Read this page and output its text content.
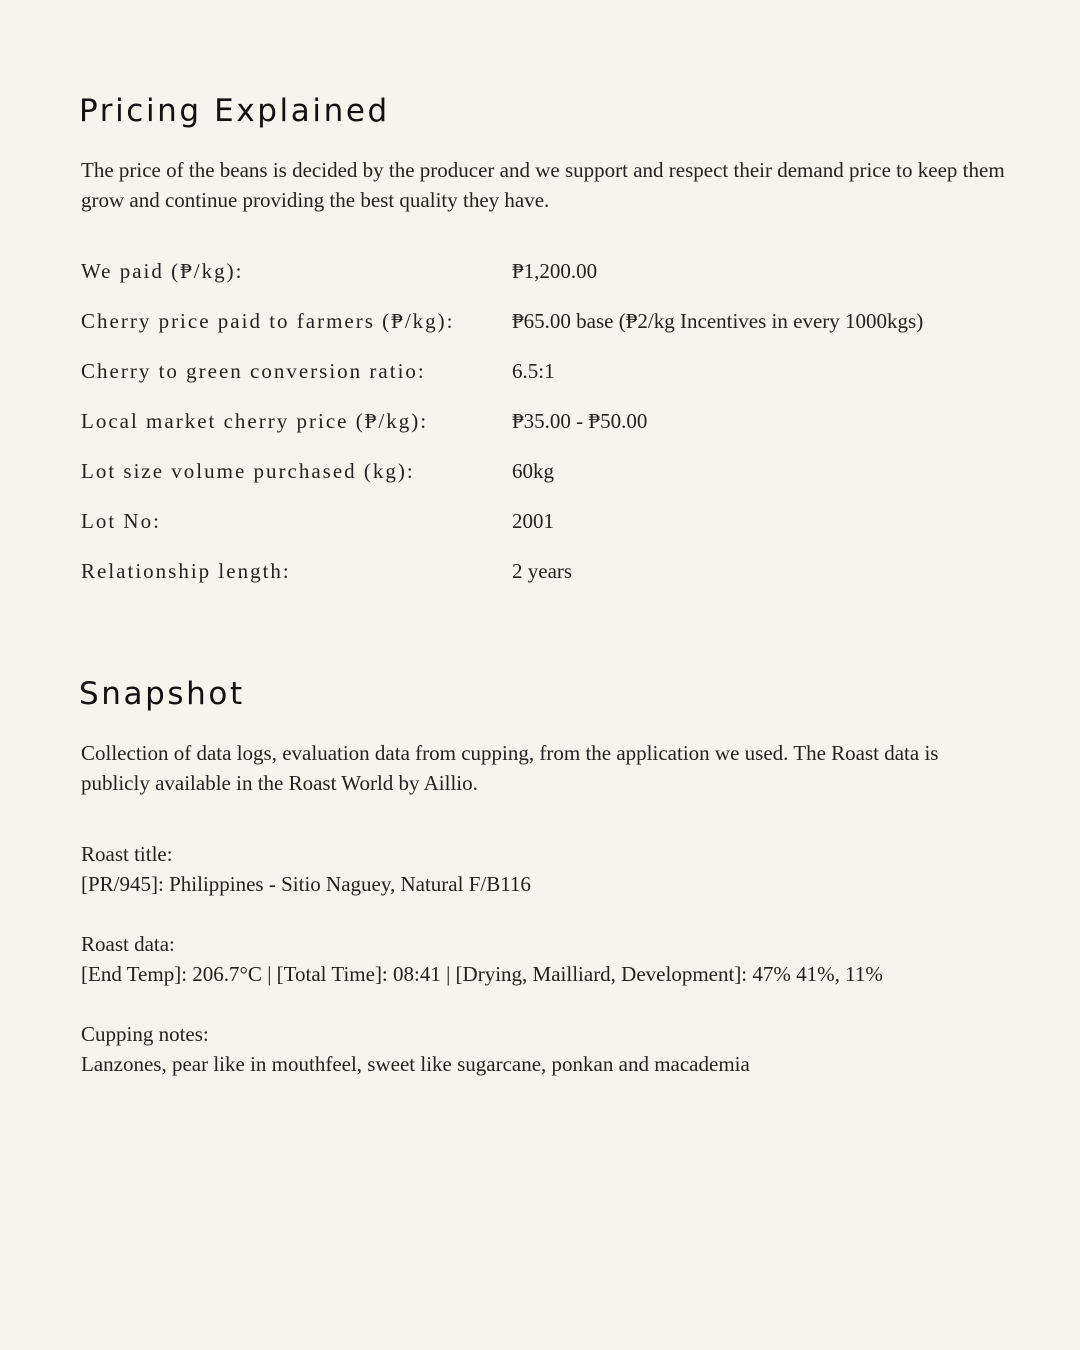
Pricing Explained

The price of the beans is decided by the producer and we support and respect their demand price to keep them grow and continue providing the best quality they have.

We paid (₱/kg):	₱1,200.00
Cherry price paid to farmers (₱/kg):	₱65.00 base (₱2/kg Incentives in every 1000kgs)
Cherry to green conversion ratio:	6.5:1
Local market cherry price (₱/kg):	₱35.00 - ₱50.00
Lot size volume purchased (kg):	60kg
Lot No:	2001
Relationship length:	2 years
Snapshot

Collection of data logs, evaluation data from cupping, from the application we used. The Roast data is publicly available in the Roast World by Aillio.

Roast title:
[PR/945]: Philippines - Sitio Naguey, Natural F/B116
Roast data:
[End Temp]: 206.7°C | [Total Time]: 08:41 | [Drying, Mailliard, Development]: 47% 41%, 11%
Cupping notes:
Lanzones, pear like in mouthfeel, sweet like sugarcane, ponkan and macademia
